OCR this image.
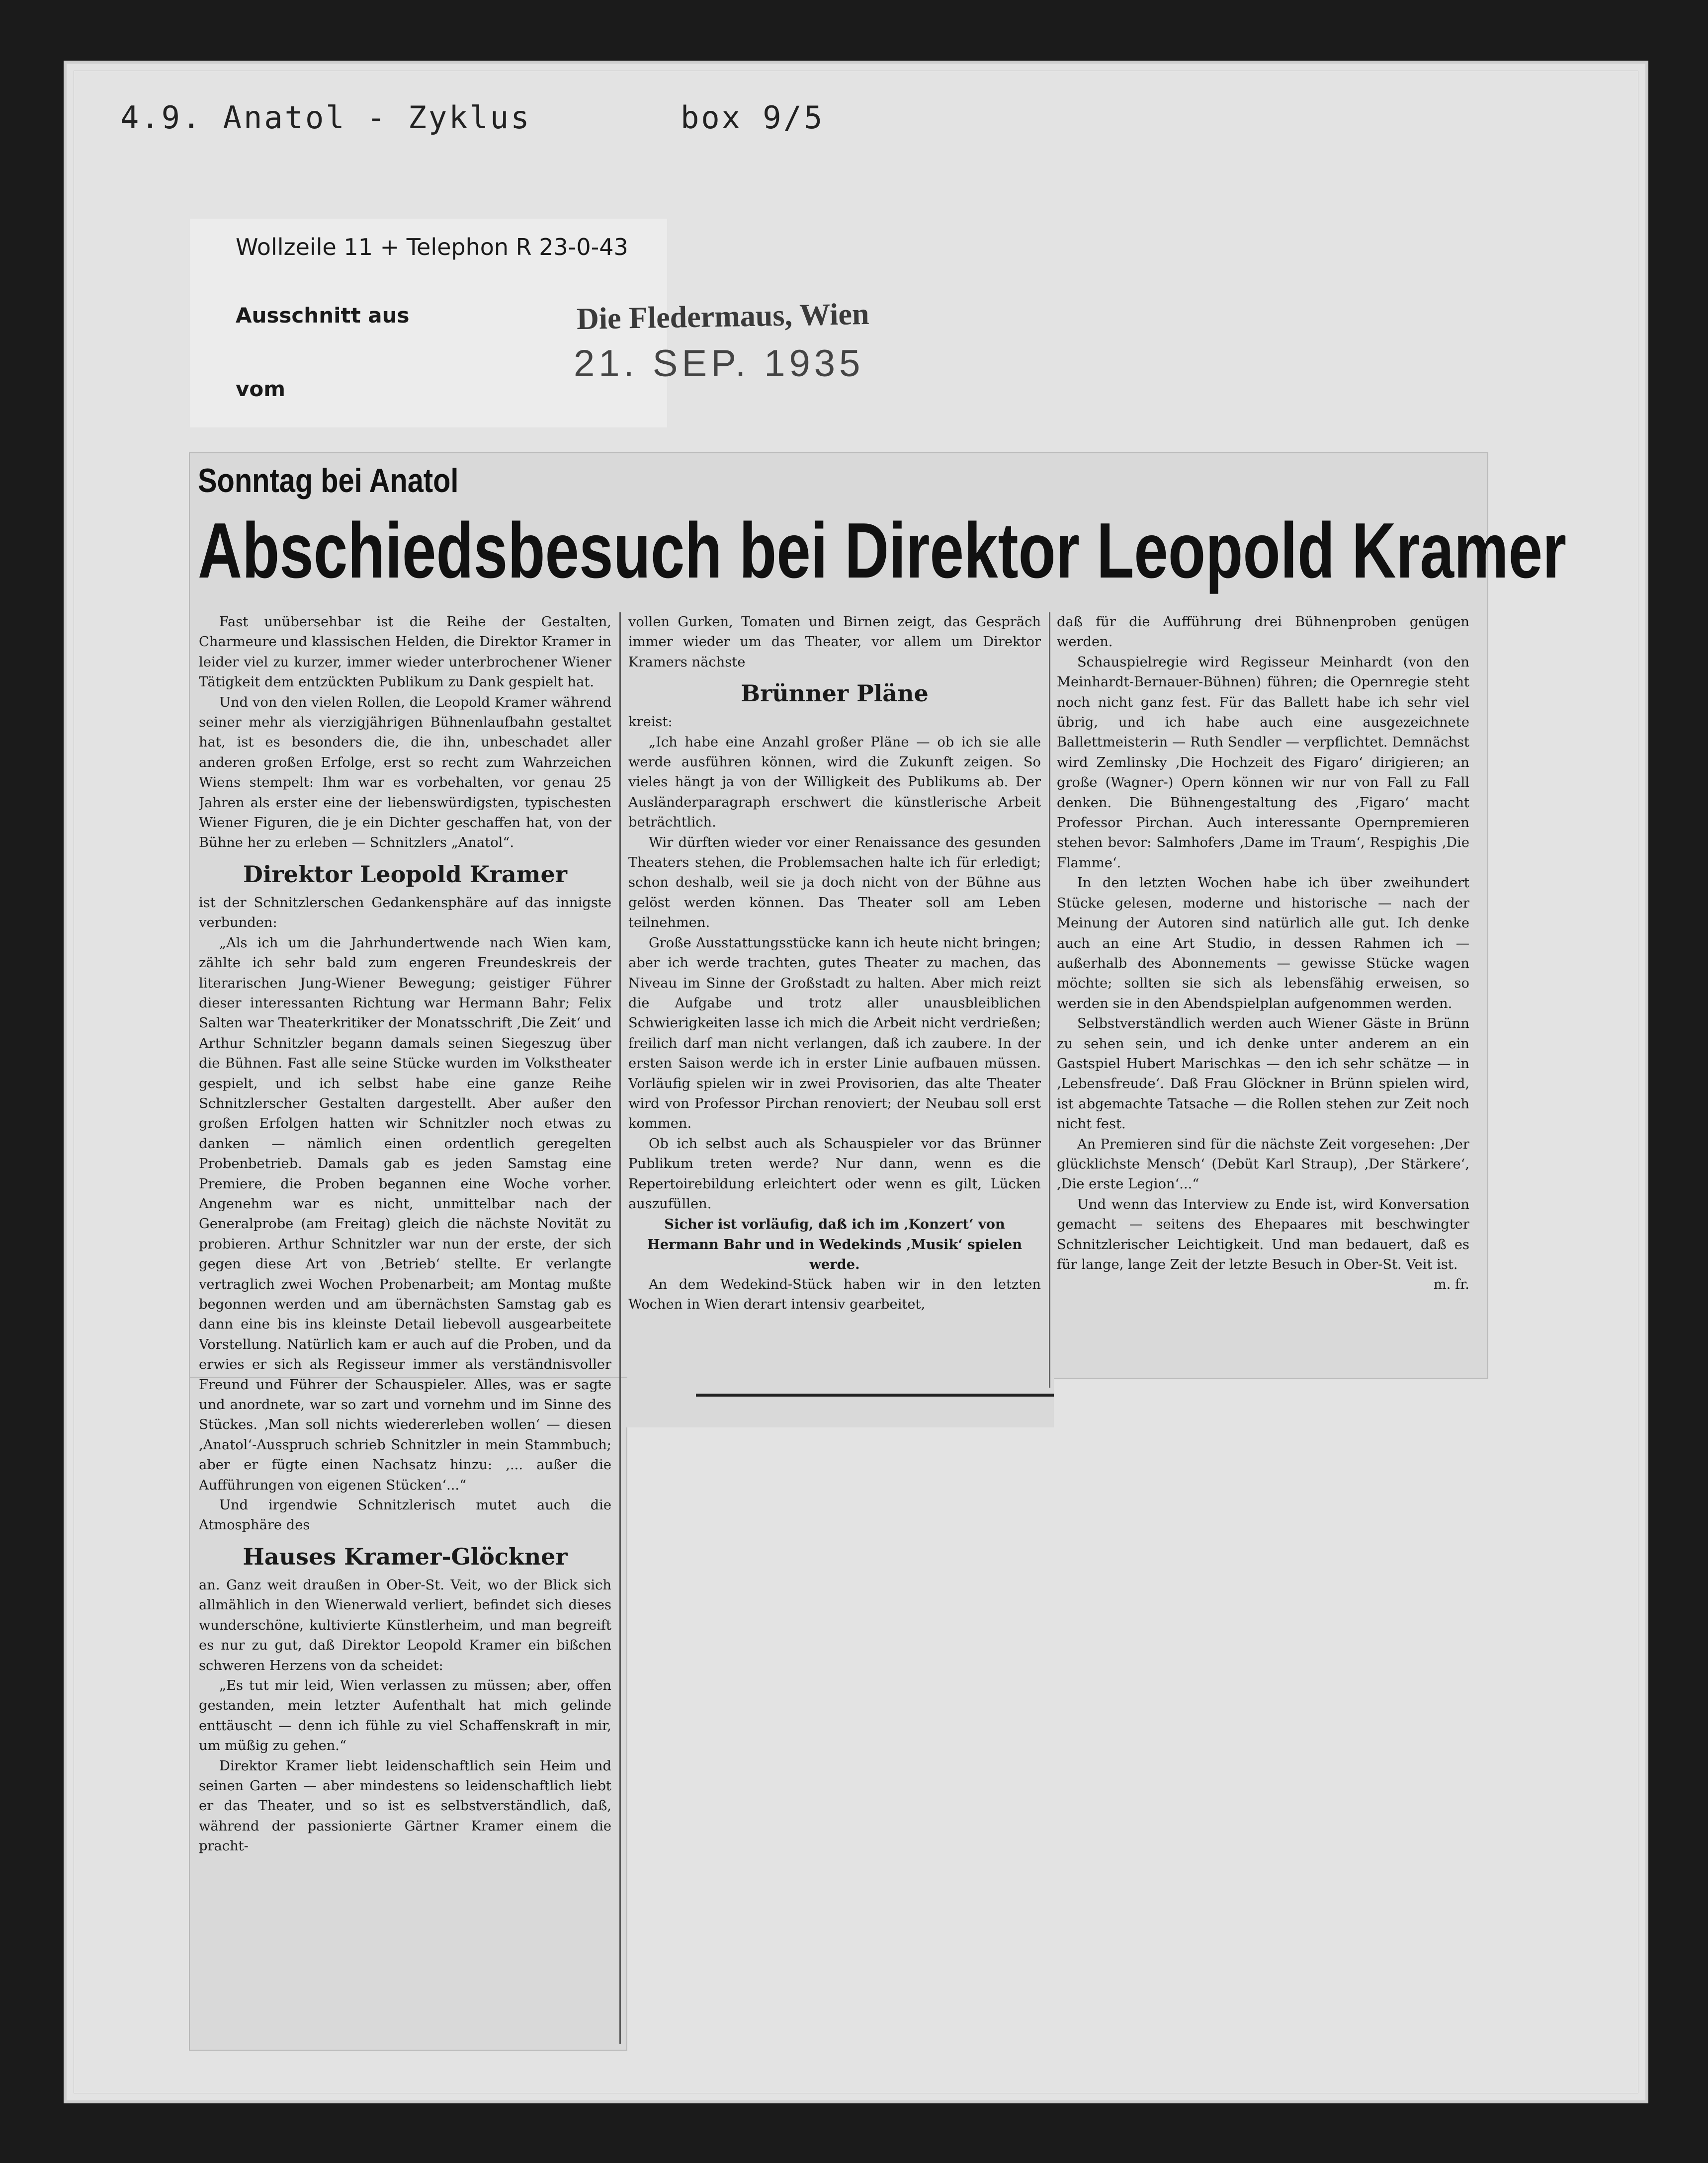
4.9. Anatol - Zyklus	box 9/5
Wollzeile 11 + Telephon R 23-0-43
Ausschnitt aus
vom
Die Fledermaus, Wien
21. SEP. 1935
Sonntag bei Anatol
Abschiedsbesuch bei Direktor Leopold Kramer

Fast unübersehbar ist die Reihe der Gestalten, Charmeure und klassischen Helden, die Direktor Kramer in leider viel zu kurzer, immer wieder unterbrochener Wiener Tätigkeit dem entzückten Publikum zu Dank gespielt hat.

Und von den vielen Rollen, die Leopold Kramer während seiner mehr als vierzigjährigen Bühnenlaufbahn gestaltet hat, ist es besonders die, die ihn, unbeschadet aller anderen großen Erfolge, erst so recht zum Wahrzeichen Wiens stempelt: Ihm war es vorbehalten, vor genau 25 Jahren als erster eine der liebenswürdigsten, typischesten Wiener Figuren, die je ein Dichter geschaffen hat, von der Bühne her zu erleben — Schnitzlers „Anatol“.

Direktor Leopold Kramer

ist der Schnitzlerschen Gedankensphäre auf das innigste verbunden:

„Als ich um die Jahrhundertwende nach Wien kam, zählte ich sehr bald zum engeren Freundeskreis der literarischen Jung-Wiener Bewegung; geistiger Führer dieser interessanten Richtung war Hermann Bahr; Felix Salten war Theaterkritiker der Monatsschrift ‚Die Zeit‘ und Arthur Schnitzler begann damals seinen Siegeszug über die Bühnen. Fast alle seine Stücke wurden im Volkstheater gespielt, und ich selbst habe eine ganze Reihe Schnitzlerscher Gestalten dargestellt. Aber außer den großen Erfolgen hatten wir Schnitzler noch etwas zu danken — nämlich einen ordentlich geregelten Probenbetrieb. Damals gab es jeden Samstag eine Premiere, die Proben begannen eine Woche vorher. Angenehm war es nicht, unmittelbar nach der Generalprobe (am Freitag) gleich die nächste Novität zu probieren. Arthur Schnitzler war nun der erste, der sich gegen diese Art von ‚Betrieb‘ stellte. Er verlangte vertraglich zwei Wochen Probenarbeit; am Montag mußte begonnen werden und am übernächsten Samstag gab es dann eine bis ins kleinste Detail liebevoll ausgearbeitete Vorstellung. Natürlich kam er auch auf die Proben, und da erwies er sich als Regisseur immer als verständnisvoller Freund und Führer der Schauspieler. Alles, was er sagte und anordnete, war so zart und vornehm und im Sinne des Stückes. ‚Man soll nichts wiedererleben wollen‘ — diesen ‚Anatol‘-Ausspruch schrieb Schnitzler in mein Stammbuch; aber er fügte einen Nachsatz hinzu: ‚... außer die Aufführungen von eigenen Stücken‘...“

Und irgendwie Schnitzlerisch mutet auch die Atmosphäre des

Hauses Kramer-Glöckner

an. Ganz weit draußen in Ober-St. Veit, wo der Blick sich allmählich in den Wienerwald verliert, befindet sich dieses wunderschöne, kultivierte Künstlerheim, und man begreift es nur zu gut, daß Direktor Leopold Kramer ein bißchen schweren Herzens von da scheidet:

„Es tut mir leid, Wien verlassen zu müssen; aber, offen gestanden, mein letzter Aufenthalt hat mich gelinde enttäuscht — denn ich fühle zu viel Schaffenskraft in mir, um müßig zu gehen.“

Direktor Kramer liebt leidenschaftlich sein Heim und seinen Garten — aber mindestens so leidenschaftlich liebt er das Theater, und so ist es selbstverständlich, daß, während der passionierte Gärtner Kramer einem die pracht-

vollen Gurken, Tomaten und Birnen zeigt, das Gespräch immer wieder um das Theater, vor allem um Direktor Kramers nächste

Brünner Pläne

kreist:

„Ich habe eine Anzahl großer Pläne — ob ich sie alle werde ausführen können, wird die Zukunft zeigen. So vieles hängt ja von der Willigkeit des Publikums ab. Der Ausländerparagraph erschwert die künstlerische Arbeit beträchtlich.

Wir dürften wieder vor einer Renaissance des gesunden Theaters stehen, die Problemsachen halte ich für erledigt; schon deshalb, weil sie ja doch nicht von der Bühne aus gelöst werden können. Das Theater soll am Leben teilnehmen.

Große Ausstattungsstücke kann ich heute nicht bringen; aber ich werde trachten, gutes Theater zu machen, das Niveau im Sinne der Großstadt zu halten. Aber mich reizt die Aufgabe und trotz aller unausbleiblichen Schwierigkeiten lasse ich mich die Arbeit nicht verdrießen; freilich darf man nicht verlangen, daß ich zaubere. In der ersten Saison werde ich in erster Linie aufbauen müssen. Vorläufig spielen wir in zwei Provisorien, das alte Theater wird von Professor Pirchan renoviert; der Neubau soll erst kommen.

Ob ich selbst auch als Schauspieler vor das Brünner Publikum treten werde? Nur dann, wenn es die Repertoirebildung erleichtert oder wenn es gilt, Lücken auszufüllen.

Sicher ist vorläufig, daß ich im ‚Konzert‘ von Hermann Bahr und in Wedekinds ‚Musik‘ spielen werde.

An dem Wedekind-Stück haben wir in den letzten Wochen in Wien derart intensiv gearbeitet,

daß für die Aufführung drei Bühnenproben genügen werden.

Schauspielregie wird Regisseur Meinhardt (von den Meinhardt-Bernauer-Bühnen) führen; die Opernregie steht noch nicht ganz fest. Für das Ballett habe ich sehr viel übrig, und ich habe auch eine ausgezeichnete Ballettmeisterin — Ruth Sendler — verpflichtet. Demnächst wird Zemlinsky ‚Die Hochzeit des Figaro‘ dirigieren; an große (Wagner-) Opern können wir nur von Fall zu Fall denken. Die Bühnengestaltung des ‚Figaro‘ macht Professor Pirchan. Auch interessante Opernpremieren stehen bevor: Salmhofers ‚Dame im Traum‘, Respighis ‚Die Flamme‘.

In den letzten Wochen habe ich über zweihundert Stücke gelesen, moderne und historische — nach der Meinung der Autoren sind natürlich alle gut. Ich denke auch an eine Art Studio, in dessen Rahmen ich — außerhalb des Abonnements — gewisse Stücke wagen möchte; sollten sie sich als lebensfähig erweisen, so werden sie in den Abendspielplan aufgenommen werden.

Selbstverständlich werden auch Wiener Gäste in Brünn zu sehen sein, und ich denke unter anderem an ein Gastspiel Hubert Marischkas — den ich sehr schätze — in ‚Lebensfreude‘. Daß Frau Glöckner in Brünn spielen wird, ist abgemachte Tatsache — die Rollen stehen zur Zeit noch nicht fest.

An Premieren sind für die nächste Zeit vorgesehen: ‚Der glücklichste Mensch‘ (Debüt Karl Straup), ‚Der Stärkere‘, ‚Die erste Legion‘...“

Und wenn das Interview zu Ende ist, wird Konversation gemacht — seitens des Ehepaares mit beschwingter Schnitzlerischer Leichtigkeit. Und man bedauert, daß es für lange, lange Zeit der letzte Besuch in Ober-St. Veit ist.

m. fr.
